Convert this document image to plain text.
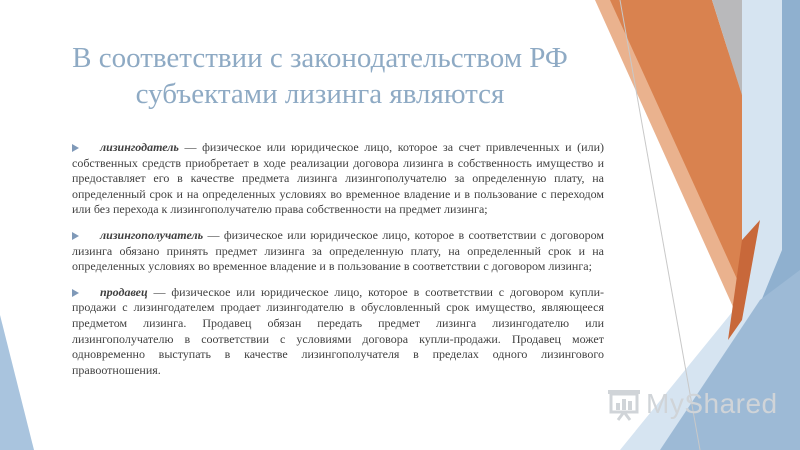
В соответствии с законодательством РФ
субъектами лизинга являются
лизингодатель — физическое или юридическое лицо, которое за счет привлеченных и (или) собственных средств приобретает в ходе реализации договора лизинга в собственность имущество и предоставляет его в качестве предмета лизинга лизингополучателю за определенную плату, на определенный срок и на определенных условиях во временное владение и в пользование с переходом или без перехода к лизингополучателю права собственности на предмет лизинга;
лизингополучатель — физическое или юридическое лицо, которое в соответствии с договором лизинга обязано принять предмет лизинга за определенную плату, на определенный срок и на определенных условиях во временное владение и в пользование в соответствии с договором лизинга;
продавец — физическое или юридическое лицо, которое в соответствии с договором купли-продажи с лизингодателем продает лизингодателю в обусловленный срок имущество, являющееся предметом лизинга. Продавец обязан передать предмет лизинга лизингодателю или лизингополучателю в соответствии с условиями договора купли-продажи. Продавец может одновременно выступать в качестве лизингополучателя в пределах одного лизингового правоотношения.
MyShared
